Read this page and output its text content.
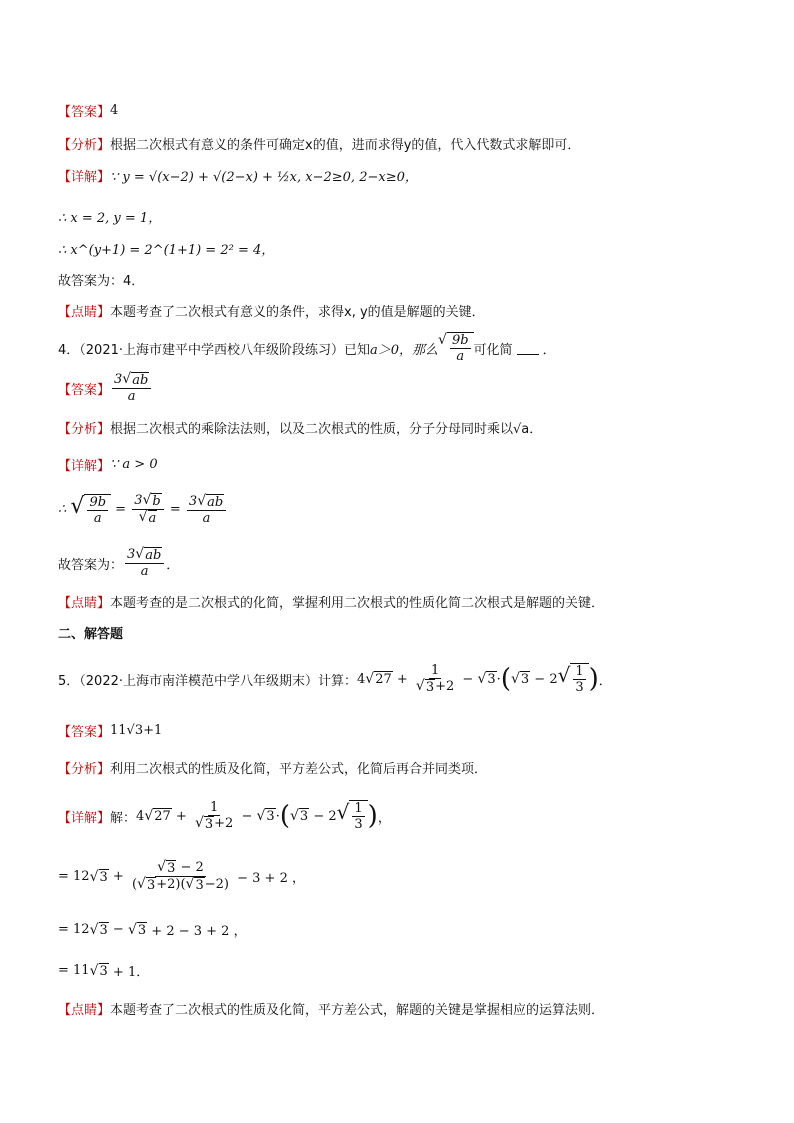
【答案】 4
【分析】 根据二次根式有意义的条件可确定x的值，进而求得y的值，代入代数式求解即可．
【详解】 ∵ y = √(x−2) + √(2−x) + ½x, x−2≥0, 2−x≥0，
∴ x = 2, y = 1，
∴ x^(y+1) = 2^(1+1) = 2² = 4，
故答案为：4．
【点睛】 本题考查了二次根式有意义的条件，求得x, y的值是解题的关键．
4．（2021·上海市建平中学西校八年级阶段练习）已知 a＞0，那么
√ $\frac{9b}{a}$ 可化简 ．
【答案】 $\frac{3 √ ab}{a}$
【分析】 根据二次根式的乘除法法则，以及二次根式的性质，分子分母同时乘以√a．
【详解】 ∵ a > 0
∴ √ $\frac{9b}{a} = \frac{3 √ b}{√ a} = \frac{3 √ ab}{a}$
故答案为： $\frac{3 √ ab}{a}$ ．
【点睛】 本题考查的是二次根式的化简，掌握利用二次根式的性质化简二次根式是解题的关键．
二、解答题
5．（2022·上海市南洋模范中学八年级期末）计算： 4 √ $27 + \frac{1}{√ 3 +2}$ − √ 3 · ( √ 3 − 2 √ $\frac{1}{3}$ ) ．
【答案】 11√3+1
【分析】 利用二次根式的性质及化简，平方差公式，化简后再合并同类项．
【详解】 解： 4 √ $27 + \frac{1}{√ 3 +2}$ − √ 3 · ( √ 3 − 2 √ $\frac{1}{3}$ ) ，
= 12 √ $3 + \frac{√ 3 - 2}{( √ 3 +2)( √ 3 -2)} - 3 + 2$ ，
= 12 √ 3 − √ 3 + 2 − 3 + 2 ，
= 11 √ 3 + 1．
【点睛】 本题考查了二次根式的性质及化简，平方差公式，解题的关键是掌握相应的运算法则．
